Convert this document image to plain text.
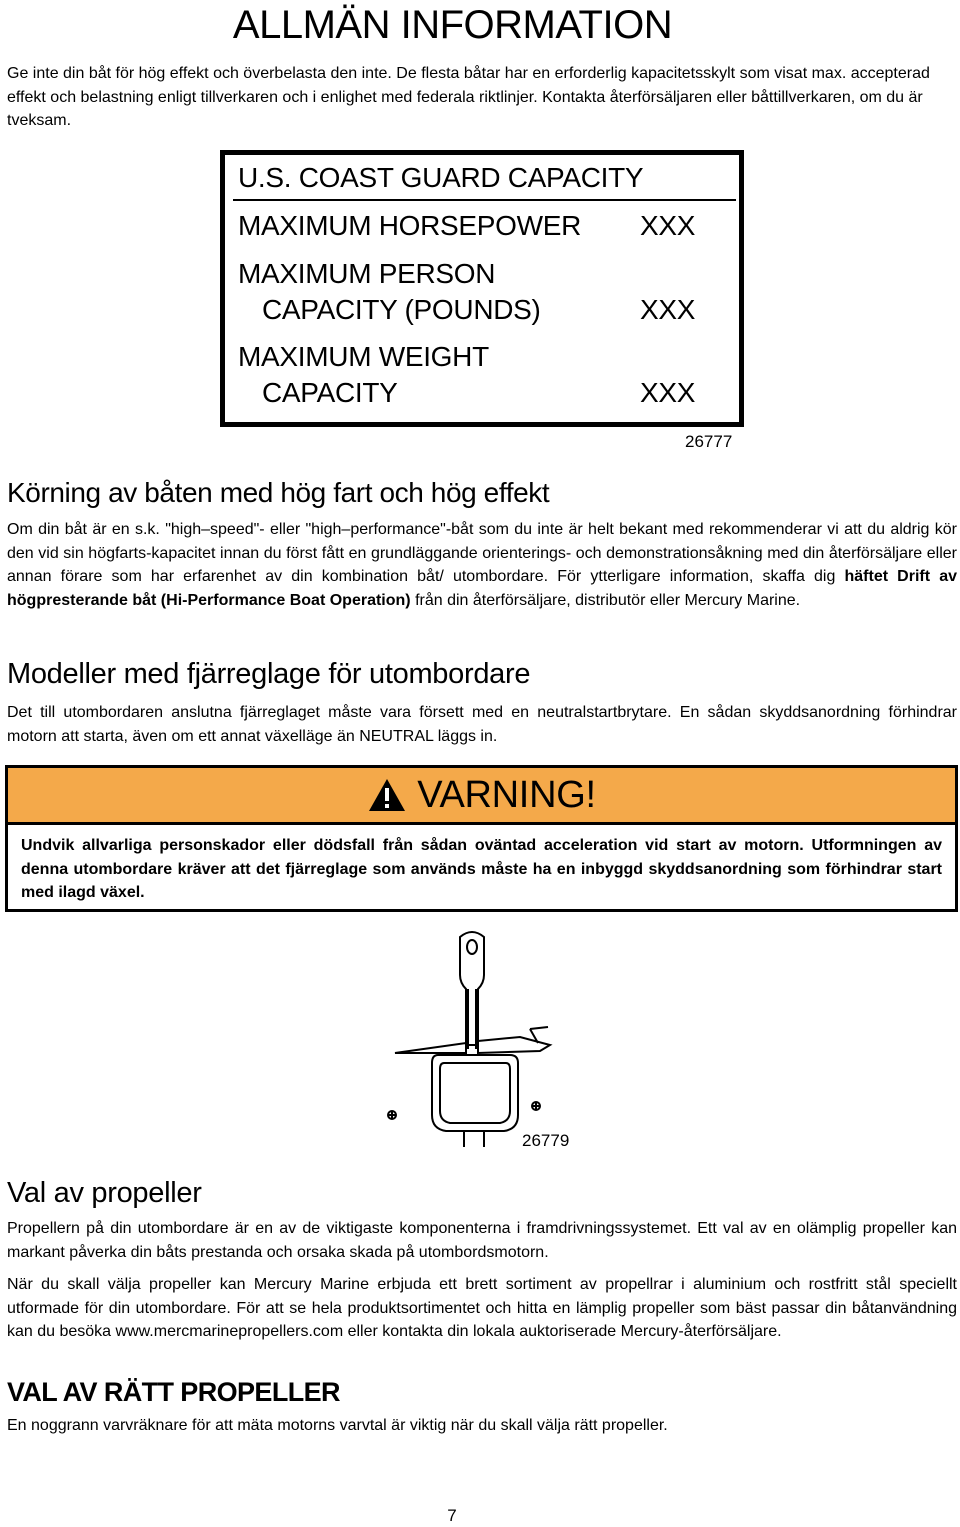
ALLMÄN INFORMATION

Ge inte din båt för hög effekt och överbelasta den inte. De flesta båtar har en erforderlig kapacitetsskylt som visat max. accepterad effekt och belastning enligt tillverkaren och i enlighet med federala riktlinjer. Kontakta återförsäljaren eller båttillverkaren, om du är tveksam.

U.S. COAST GUARD CAPACITY
MAXIMUM HORSEPOWER XXX
MAXIMUM PERSON
CAPACITY (POUNDS)	XXX
MAXIMUM WEIGHT
CAPACITY	XXX
26777
Körning av båten med hög fart och hög effekt

Om din båt är en s.k. "high–speed"- eller "high–performance"-båt som du inte är helt bekant med rekommenderar vi att du aldrig kör den vid sin högfarts-kapacitet innan du först fått en grundläggande orienterings- och demonstrationsåkning med din återförsäljare eller annan förare som har erfarenhet av din kombination båt/ utombordare. För ytterligare information, skaffa dig häftet Drift av högpresterande båt (Hi-Performance Boat Operation) från din återförsäljare, distributör eller Mercury Marine.

Modeller med fjärreglage för utombordare

Det till utombordaren anslutna fjärreglaget måste vara försett med en neutralstartbrytare. En sådan skyddsanordning förhindrar motorn att starta, även om ett annat växelläge än NEUTRAL läggs in.

VARNING!

Undvik allvarliga personskador eller dödsfall från sådan oväntad acceleration vid start av motorn. Utformningen av denna utombordare kräver att det fjärreglage som används måste ha en inbyggd skyddsanordning som förhindrar start med ilagd växel.

26779
Val av propeller

Propellern på din utombordare är en av de viktigaste komponenterna i framdrivningssystemet. Ett val av en olämplig propeller kan markant påverka din båts prestanda och orsaka skada på utombordsmotorn.

När du skall välja propeller kan Mercury Marine erbjuda ett brett sortiment av propellrar i aluminium och rostfritt stål speciellt utformade för din utombordare. För att se hela produktsortimentet och hitta en lämplig propeller som bäst passar din båtanvändning kan du besöka www.mercmarinepropellers.com eller kontakta din lokala auktoriserade Mercury-återförsäljare.

VAL AV RÄTT PROPELLER

En noggrann varvräknare för att mäta motorns varvtal är viktig när du skall välja rätt propeller.

7
